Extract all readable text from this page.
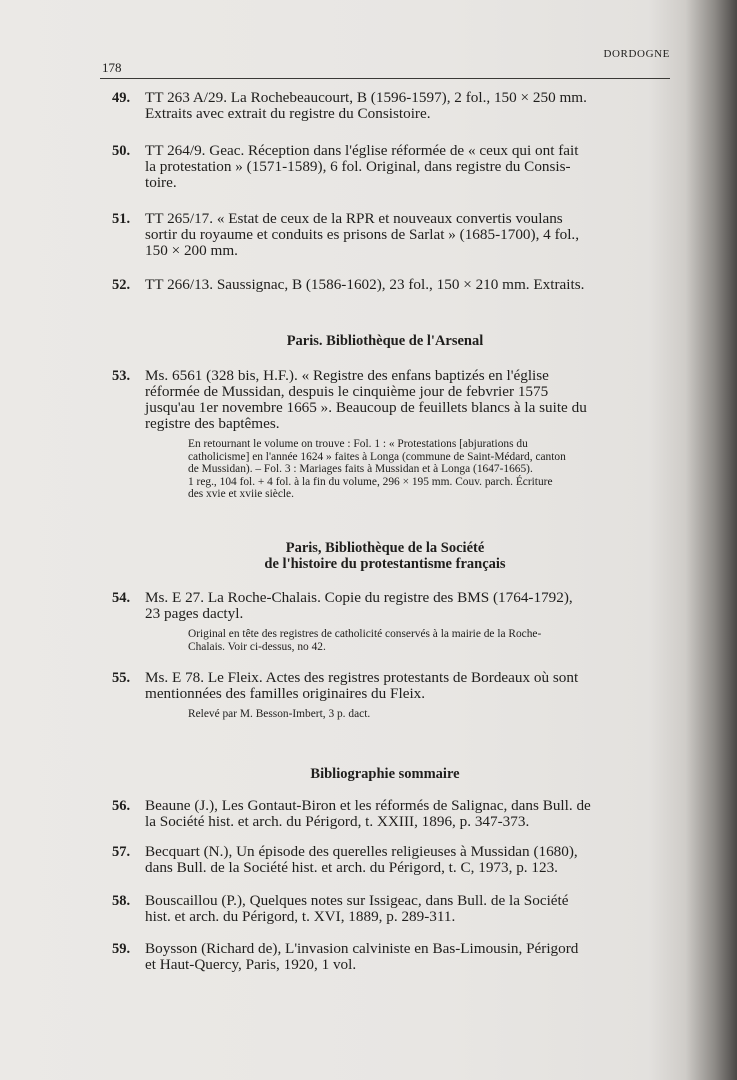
178
DORDOGNE
49. TT 263 A/29. La Rochebeaucourt, B (1596-1597), 2 fol., 150 × 250 mm.
Extraits avec extrait du registre du Consistoire.
50. TT 264/9. Geac. Réception dans l'église réformée de « ceux qui ont fait
la protestation » (1571-1589), 6 fol. Original, dans registre du Consis-
toire.
51. TT 265/17. « Estat de ceux de la RPR et nouveaux convertis voulans
sortir du royaume et conduits es prisons de Sarlat » (1685-1700), 4 fol.,
150 × 200 mm.
52. TT 266/13. Saussignac, B (1586-1602), 23 fol., 150 × 210 mm. Extraits.
Paris. Bibliothèque de l'Arsenal
53. Ms. 6561 (328 bis, H.F.). « Registre des enfans baptizés en l'église
réformée de Mussidan, despuis le cinquième jour de febvrier 1575
jusqu'au 1er novembre 1665 ». Beaucoup de feuillets blancs à la suite du
registre des baptêmes.
En retournant le volume on trouve : Fol. 1 : « Protestations [abjurations du
catholicisme] en l'année 1624 » faites à Longa (commune de Saint-Médard, canton
de Mussidan). – Fol. 3 : Mariages faits à Mussidan et à Longa (1647-1665).
1 reg., 104 fol. + 4 fol. à la fin du volume, 296 × 195 mm. Couv. parch. Écriture
des xvie et xviie siècle.
Paris, Bibliothèque de la Société
de l'histoire du protestantisme français
54. Ms. E 27. La Roche-Chalais. Copie du registre des BMS (1764-1792),
23 pages dactyl.
Original en tête des registres de catholicité conservés à la mairie de la Roche-
Chalais. Voir ci-dessus, no 42.
55. Ms. E 78. Le Fleix. Actes des registres protestants de Bordeaux où sont
mentionnées des familles originaires du Fleix.
Relevé par M. Besson-Imbert, 3 p. dact.
Bibliographie sommaire
56. Beaune (J.), Les Gontaut-Biron et les réformés de Salignac, dans Bull. de
la Société hist. et arch. du Périgord, t. XXIII, 1896, p. 347-373.
57. Becquart (N.), Un épisode des querelles religieuses à Mussidan (1680),
dans Bull. de la Société hist. et arch. du Périgord, t. C, 1973, p. 123.
58. Bouscaillou (P.), Quelques notes sur Issigeac, dans Bull. de la Société
hist. et arch. du Périgord, t. XVI, 1889, p. 289-311.
59. Boysson (Richard de), L'invasion calviniste en Bas-Limousin, Périgord
et Haut-Quercy, Paris, 1920, 1 vol.
